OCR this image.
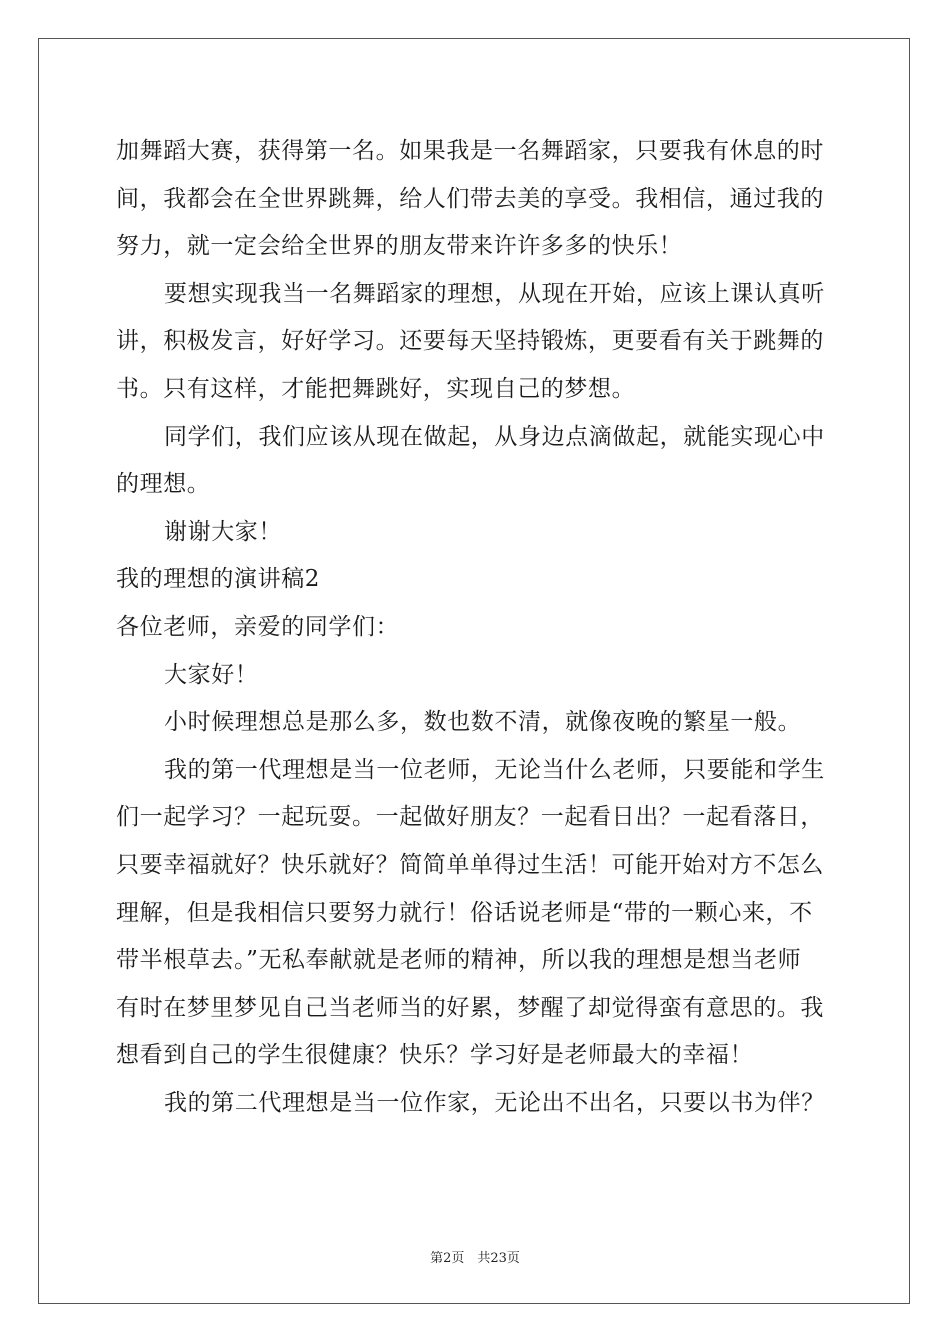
加舞蹈大赛，获得第一名。如果我是一名舞蹈家，只要我有休息的时
间，我都会在全世界跳舞，给人们带去美的享受。我相信，通过我的
努力，就一定会给全世界的朋友带来许许多多的快乐！
要想实现我当一名舞蹈家的理想，从现在开始，应该上课认真听
讲，积极发言，好好学习。还要每天坚持锻炼，更要看有关于跳舞的
书。只有这样，才能把舞跳好，实现自己的梦想。
同学们，我们应该从现在做起，从身边点滴做起，就能实现心中
的理想。
谢谢大家！
我的理想的演讲稿2
各位老师，亲爱的同学们：
大家好！
小时候理想总是那么多，数也数不清，就像夜晚的繁星一般。
我的第一代理想是当一位老师，无论当什么老师，只要能和学生
们一起学习？一起玩耍。一起做好朋友？一起看日出？一起看落日，
只要幸福就好？快乐就好？简简单单得过生活！可能开始对方不怎么
理解，但是我相信只要努力就行！俗话说老师是“带的一颗心来，不
带半根草去。”无私奉献就是老师的精神，所以我的理想是想当老师
有时在梦里梦见自己当老师当的好累，梦醒了却觉得蛮有意思的。我
想看到自己的学生很健康？快乐？学习好是老师最大的幸福！
我的第二代理想是当一位作家，无论出不出名，只要以书为伴？
第2页　共23页
